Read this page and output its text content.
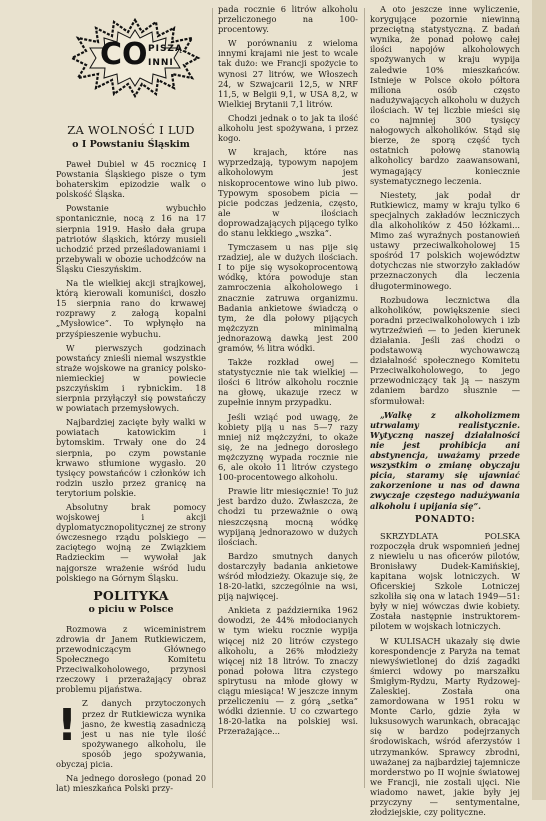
CO PISZĄ
INNI
ZA WOLNOŚĆ I LUD
o I Powstaniu Śląskim

Paweł Dubiel w 45 rocznicę I Powstania Śląskiego pisze o tym bohaterskim epizodzie walk o polskość Śląska.

Powstanie wybuchło spontanicznie, nocą z 16 na 17 sierpnia 1919. Hasło dała grupa patriotów śląskich, którzy musieli uchodzić przed prześladowaniami i przebywali w obozie uchodźców na Śląsku Cieszyńskim.

Na tle wielkiej akcji strajkowej, którą kierowali komuniści, doszło 15 sierpnia rano do krwawej rozprawy z załogą kopalni „Mysłowice”. To wpłynęło na przyśpieszenie wybuchu.

W pierwszych godzinach powstańcy znieśli niemal wszystkie straże wojskowe na granicy polsko-niemieckiej w powiecie pszczyńskim i rybnickim. 18 sierpnia przyłączył się powstańczy w powiatach przemysłowych.

Najbardziej zacięte były walki w powiatach katowickim i bytomskim. Trwały one do 24 sierpnia, po czym powstanie krwawo stłumione wygasło. 20 tysięcy powstańców i członków ich rodzin uszło przez granicę na terytorium polskie.

Absolutny brak pomocy wojskowej i akcji dyplomatycznopolitycznej ze strony ówczesnego rządu polskiego — zaciętego wojną ze Związkiem Radzieckim — wywołał jak najgorsze wrażenie wśród ludu polskiego na Górnym Śląsku.

POLITYKA
o piciu w Polsce

Rozmowa z wiceministrem zdrowia dr Janem Rutkiewiczem, przewodniczącym Głównego Społecznego Komitetu Przeciwalkoholowego, przynosi rzeczowy i przerażający obraz problemu pijaństwa.

! Z danych przytoczonych przez dr Rutkiewicza wynika jasno, że kwestią zasadniczą jest u nas nie tyle ilość spożywanego alkoholu, ile sposób jego spożywania, obyczaj picia.

Na jednego dorosłego (ponad 20 lat) mieszkańca Polski przy-

pada rocznie 6 litrów alkoholu przeliczonego na 100-procentowy.

W porównaniu z wieloma innymi krajami nie jest to wcale tak dużo: we Francji spożycie to wynosi 27 litrów, we Włoszech 24, w Szwajcarii 12,5, w NRF 11,5, w Belgii 9,1, w USA 8,2, w Wielkiej Brytanii 7,1 litrów.

Chodzi jednak o to jak ta ilość alkoholu jest spożywana, i przez kogo.

W krajach, które nas wyprzedzają, typowym napojem alkoholowym jest niskoprocentowe wino lub piwo. Typowym sposobem picia — picie podczas jedzenia, często, ale w ilościach doprowadzających pijącego tylko do stanu lekkiego „wszka”.

Tymczasem u nas pije się rzadziej, ale w dużych ilościach. I to pije się wysokoprocentową wódkę, która powoduje stan zamroczenia alkoholowego i znacznie zatruwa organizmu. Badania ankietowe świadczą o tym, że dla połowy pijących mężczyzn minimalną jednorazową dawką jest 200 gramów, ⅘ litra wódki.

Także rozkład owej — statystycznie nie tak wielkiej — ilości 6 litrów alkoholu rocznie na głowę, ukazuje rzecz w zupełnie innym przypadku.

Jeśli wziąć pod uwagę, że kobiety piją u nas 5—7 razy mniej niż mężczyźni, to okaże się, że na jednego dorosłego mężczyznę wypada rocznie nie 6, ale około 11 litrów czystego 100-procentowego alkoholu.

Prawie litr miesięcznie! To już jest bardzo dużo. Zwłaszcza, że chodzi tu przeważnie o ową nieszczęsną mocną wódkę wypijaną jednorazowo w dużych ilościach.

Bardzo smutnych danych dostarczyły badania ankietowe wśród młodzieży. Okazuje się, że 18-20-latki, szczególnie na wsi, piją najwięcej.

Ankieta z października 1962 dowodzi, że 44% młodocianych w tym wieku rocznie wypija więcej niż 20 litrów czystego alkoholu, a 26% młodzieży więcej niż 18 litrów. To znaczy ponad połowa litra czystego spirytusu na młode głowy w ciągu miesiąca! W jeszcze innym przeliczeniu — z górą „setka” wódki dziennie. U co czwartego 18-20-latka na polskiej wsi. Przerażające...

A oto jeszcze inne wyliczenie, korygujące pozornie niewinną przeciętną statystyczną. Z badań wynika, że ponad połowę całej ilości napojów alkoholowych spożywanych w kraju wypija zaledwie 10% mieszkańców. Istnieje w Polsce około półtora miliona osób często nadużywających alkoholu w dużych ilościach. W tej liczbie mieści się co najmniej 300 tysięcy nałogowych alkoholików. Stąd się bierze, że sporą część tych ostatnich połowę stanowią alkoholicy bardzo zaawansowani, wymagający koniecznie systematycznego leczenia.

Niestety, jak podał dr Rutkiewicz, mamy w kraju tylko 6 specjalnych zakładów leczniczych dla alkoholików z 450 łóżkami... Mimo zaś wyraźnych postanowień ustawy przeciwalkoholowej 15 spośród 17 polskich województw dotychczas nie stworzyło zakładów przeznaczonych dla leczenia długoterminowego.

Rozbudowa lecznictwa dla alkoholików, powiększenie sieci poradni przeciwalkoholowych i izb wytrzeźwień — to jeden kierunek działania. Jeśli zaś chodzi o podstawową wychowawczą działalność społecznego Komitetu Przeciwalkoholowego, to jego przewodniczący tak ją — naszym zdaniem bardzo słusznie — sformułował:

„Walkę z alkoholizmem utrwalamy realistycznie. Wytyczną naszej działalności nie jest prohibicja ani abstynencja, uważamy przede wszystkim o zmianę obyczaju picia, staramy się ujawniać zakorzenione u nas od dawna zwyczaje częstego nadużywania alkoholu i upijania się”.

PONADTO:

SKRZYDLATA POLSKA rozpoczęła druk wspomnień jednej z niewielu u nas oficerów pilotów, Bronisławy Dudek-Kamińskiej, kapitana wojsk lotniczych. W Oficerskiej Szkole Lotniczej szkoliła się ona w latach 1949—51: były w niej wówczas dwie kobiety. Została następnie instruktorem-pilotem w wojskach lotniczych.

W KULISACH ukazały się dwie korespondencje z Paryża na temat niewyświetlonej do dziś zagadki śmierci wdowy po marszałku Śmigłym-Rydzu, Marty Rydzowej-Zaleskiej. Została ona zamordowana w 1951 roku w Monte Carlo, gdzie żyła w luksusowych warunkach, obracając się w bardzo podejrzanych środowiskach, wśród aferzystów i utrzymanków. Sprawcy zbrodni, uważanej za najbardziej tajemnicze morderstwo po II wojnie światowej we Francji, nie zostali ujęci. Nie wiadomo nawet, jakie były jej przyczyny — sentymentalne, złodziejskie, czy polityczne.
